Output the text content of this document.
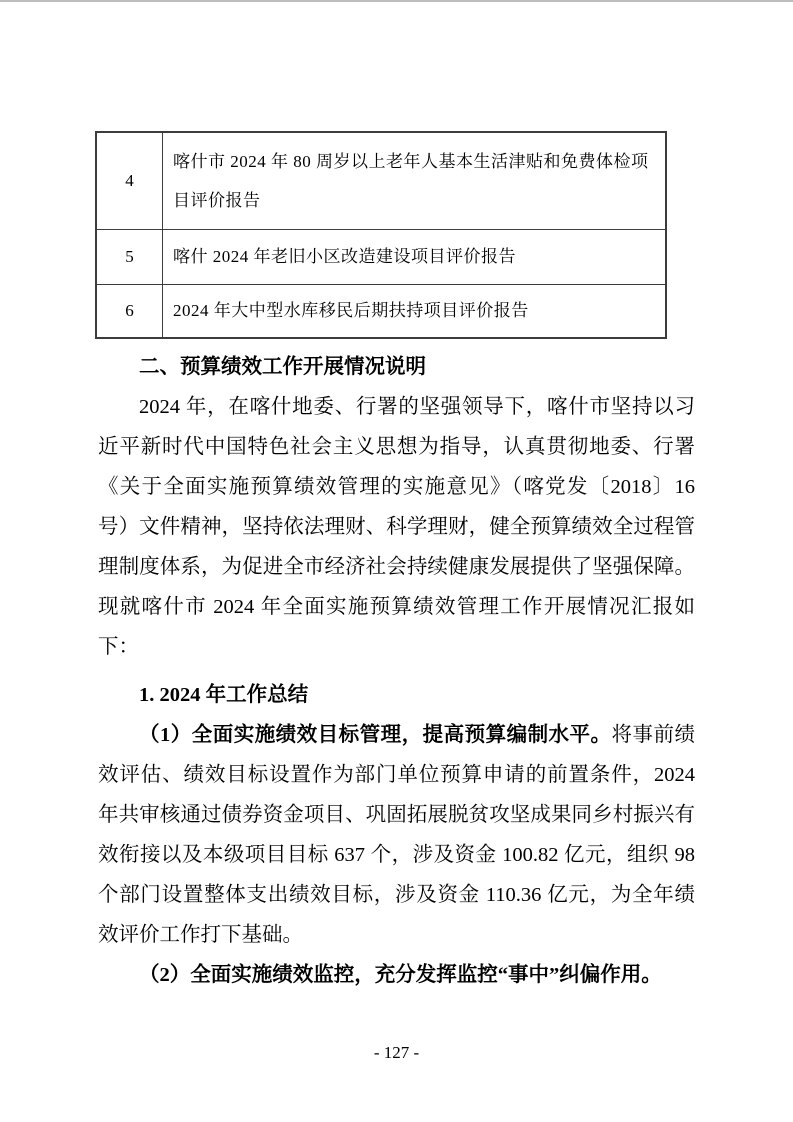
4	喀什市 2024 年 80 周岁以上老年人基本生活津贴和免费体检项目评价报告
5	喀什 2024 年老旧小区改造建设项目评价报告
6	2024 年大中型水库移民后期扶持项目评价报告
二、预算绩效工作开展情况说明

2024 年，在喀什地委、行署的坚强领导下，喀什市坚持以习近平新时代中国特色社会主义思想为指导，认真贯彻地委、行署《关于全面实施预算绩效管理的实施意见》（喀党发〔2018〕16 号）文件精神，坚持依法理财、科学理财，健全预算绩效全过程管理制度体系，为促进全市经济社会持续健康发展提供了坚强保障。现就喀什市 2024 年全面实施预算绩效管理工作开展情况汇报如下：

1. 2024 年工作总结

（1）全面实施绩效目标管理，提高预算编制水平。将事前绩效评估、绩效目标设置作为部门单位预算申请的前置条件，2024 年共审核通过债券资金项目、巩固拓展脱贫攻坚成果同乡村振兴有效衔接以及本级项目目标 637 个，涉及资金 100.82 亿元，组织 98 个部门设置整体支出绩效目标，涉及资金 110.36 亿元，为全年绩效评价工作打下基础。

（2）全面实施绩效监控，充分发挥监控“事中”纠偏作用。

- 127 -
